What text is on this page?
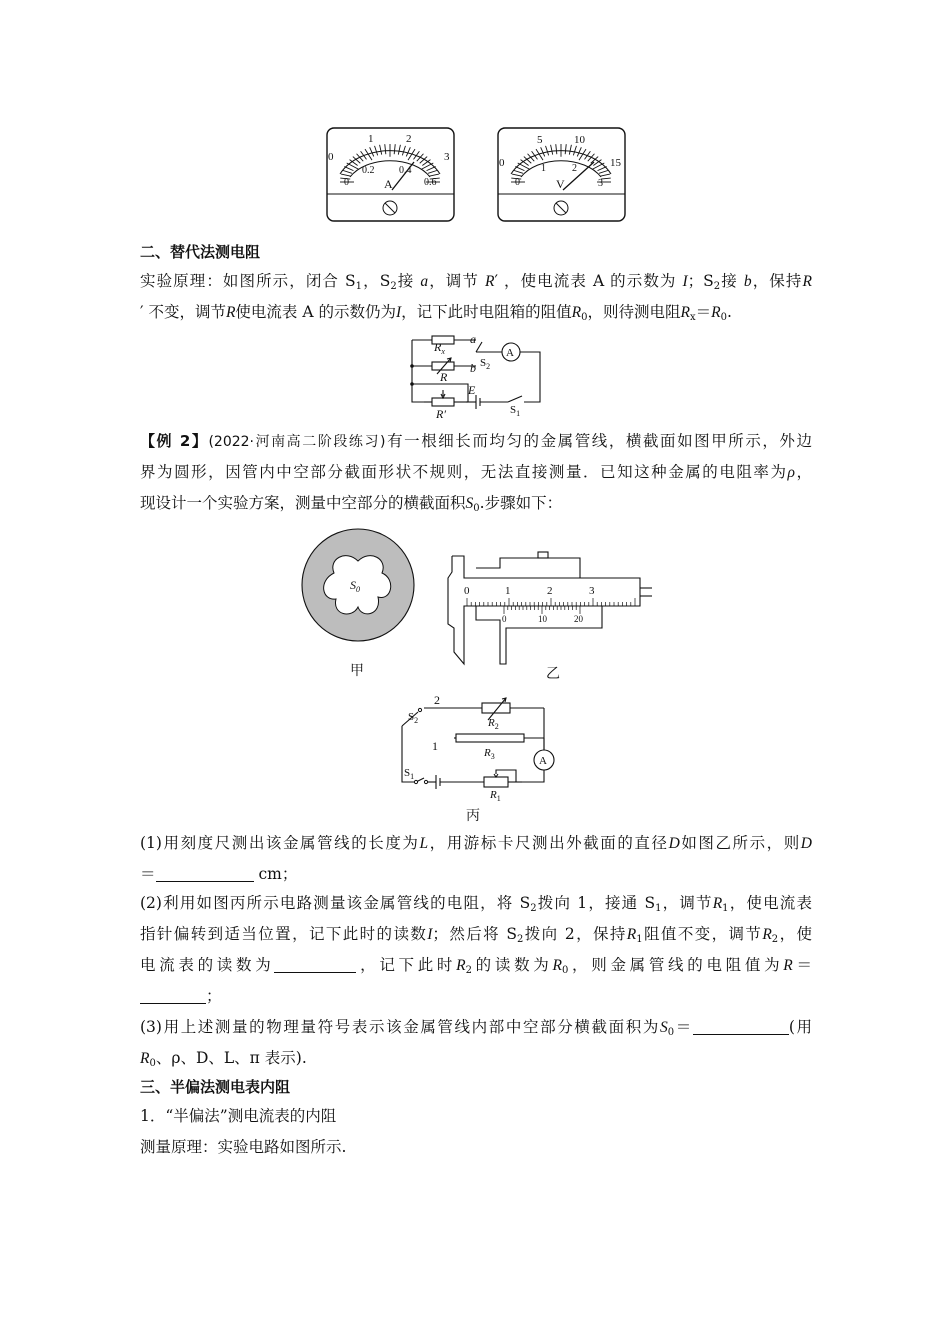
0
1	2
3
0
0.2 0.4
0.6
A
0
5	10
15
0
1	2
3
V
二、替代法测电阻
实验原理：如图所示，闭合 $S_1$，$S_2$接 a，调节 R′ ，使电流表 A 的示数为 I；$S_2$接 b，保持R
′ 不变，调节R使电流表 A 的示数仍为I，记下此时电阻箱的阻值$R_0$，则待测电阻$R_x=R_0$.
$R_x$
R
R′
a
b $S_2$
A
E
$S_1$
【例 2】(2022·河南高二阶段练习)有一根细长而均匀的金属管线，横截面如图甲所示，外边
界为圆形，因管内中空部分截面形状不规则，无法直接测量．已知这种金属的电阻率为ρ，
现设计一个实验方案，测量中空部分的横截面积$S_0$.步骤如下：
$S_0$
甲
0	1	2	3
0	10	20
乙
2
1
$S_2$
$S_1$
$R_2$
$R_3$
$R_1$
A
丙
(1)用刻度尺测出该金属管线的长度为L，用游标卡尺测出外截面的直径D如图乙所示，则D
＝	cm；
(2)利用如图丙所示电路测量该金属管线的电阻，将 $S_2$拨向 1，接通 $S_1$，调节$R_1$，使电流表
指针偏转到适当位置，记下此时的读数I；然后将 $S_2$拨向 2，保持$R_1$阻值不变，调节$R_2$，使
电流表的读数为	，记下此时$R_2$的读数为$R_0$，则金属管线的电阻值为R＝
；
(3)用上述测量的物理量符号表示该金属管线内部中空部分横截面积为$S_0=$	(用
$R_0$、ρ、D、L、π 表示).
三、半偏法测电表内阻
1．“半偏法”测电流表的内阻
测量原理：实验电路如图所示.
